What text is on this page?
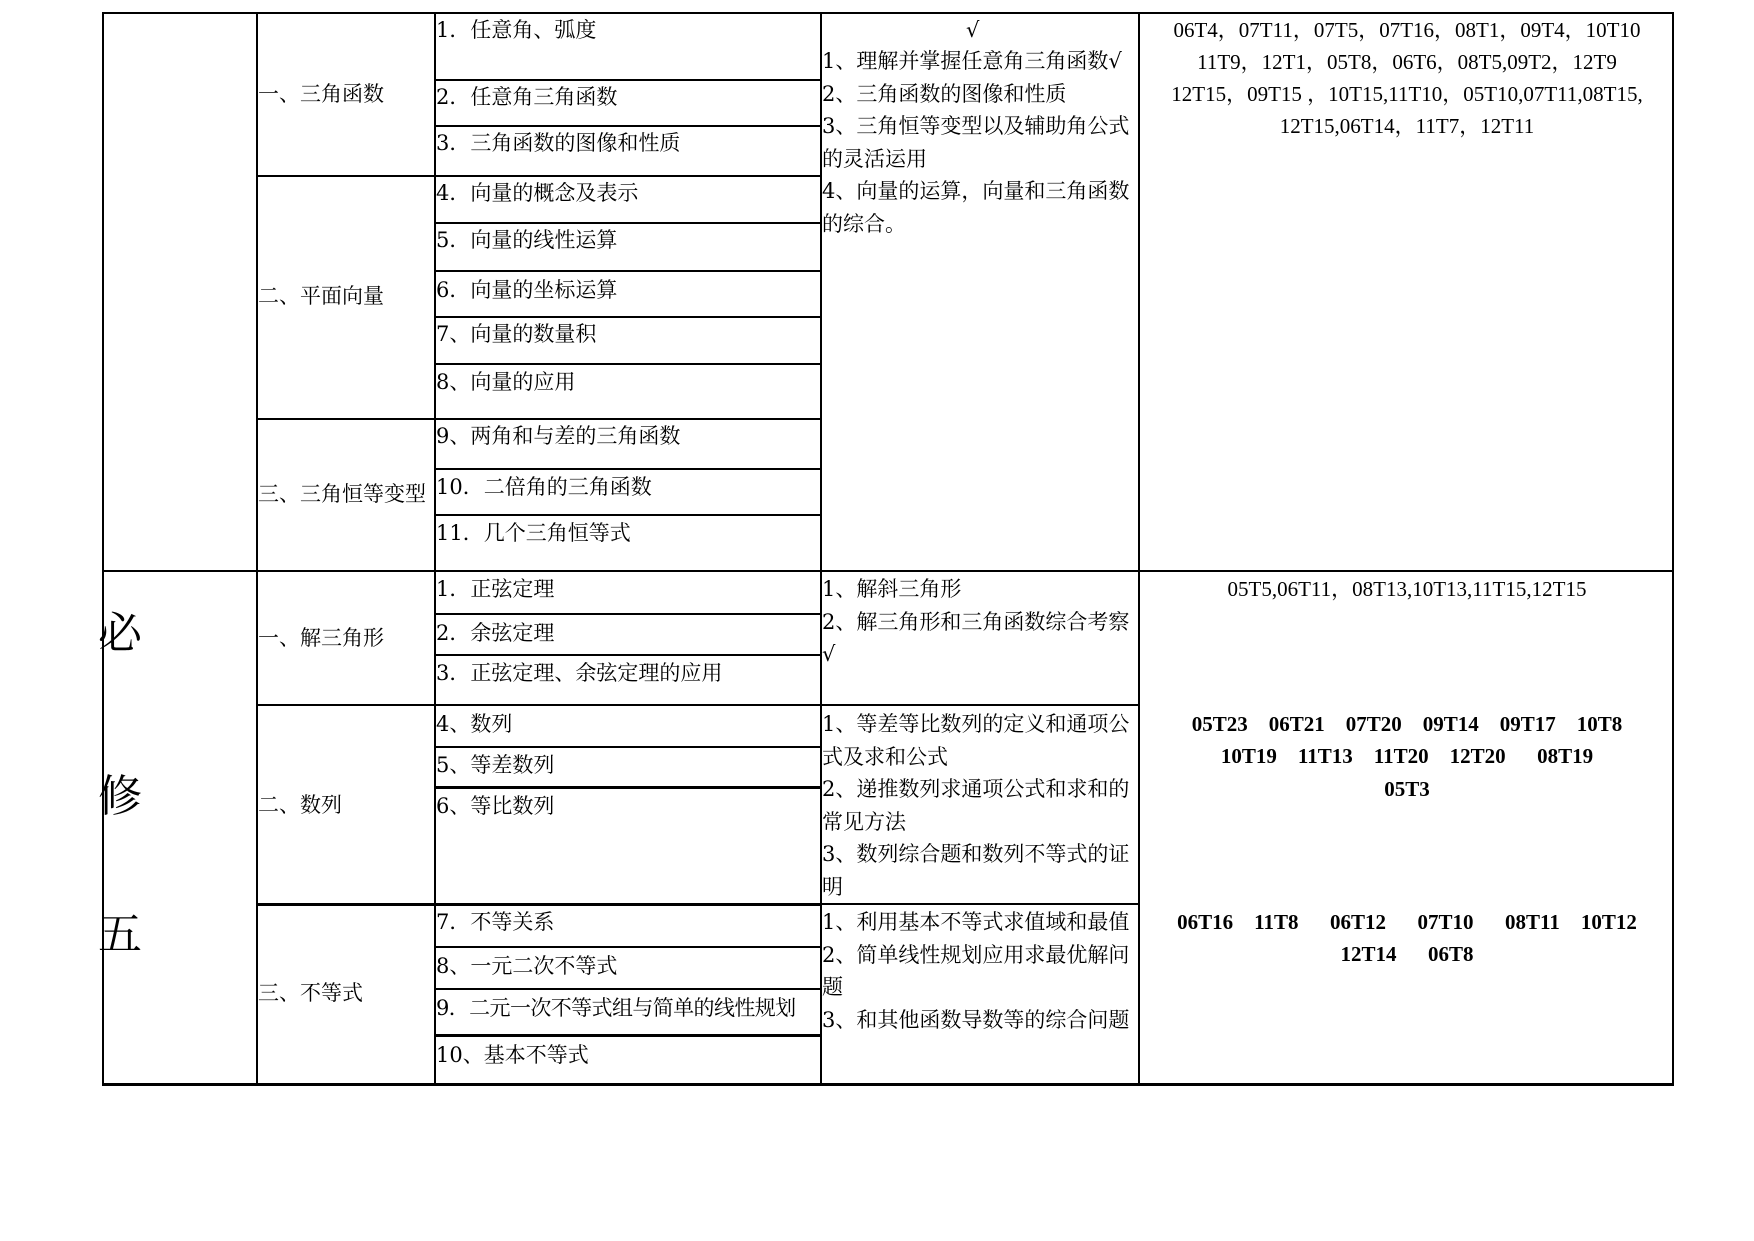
必
修
五
一、三角函数
二、平面向量
三、三角恒等变型
一、解三角形
二、数列
三、不等式
1．任意角、弧度
2．任意角三角函数
3．三角函数的图像和性质
4．向量的概念及表示
5．向量的线性运算
6．向量的坐标运算
7、向量的数量积
8、向量的应用
9、两角和与差的三角函数
10．二倍角的三角函数
11．几个三角恒等式
1．正弦定理
2．余弦定理
3．正弦定理、余弦定理的应用
4、数列
5、等差数列
6、等比数列
7．不等关系
8、一元二次不等式
9．二元一次不等式组与简单的线性规划
10、基本不等式
√
1、理解并掌握任意角三角函数√
2、三角函数的图像和性质
3、三角恒等变型以及辅助角公式的灵活运用
4、向量的运算，向量和三角函数的综合。
1、解斜三角形
2、解三角形和三角函数综合考察√
1、等差等比数列的定义和通项公式及求和公式
2、递推数列求通项公式和求和的常见方法
3、数列综合题和数列不等式的证明
1、利用基本不等式求值域和最值
2、简单线性规划应用求最优解问题
3、和其他函数导数等的综合问题
06T4，07T11，07T5，07T16，08T1，09T4，10T10
11T9，12T1，05T8，06T6，08T5,09T2，12T9
12T15，09T15 ，10T15,11T10，05T10,07T11,08T15,
12T15,06T14，11T7，12T11
05T5,06T11，08T13,10T13,11T15,12T15
05T23    06T21    07T20    09T14    09T17    10T8
10T19    11T13    11T20    12T20      08T19
05T3
06T16    11T8      06T12      07T10      08T11    10T12
12T14      06T8
